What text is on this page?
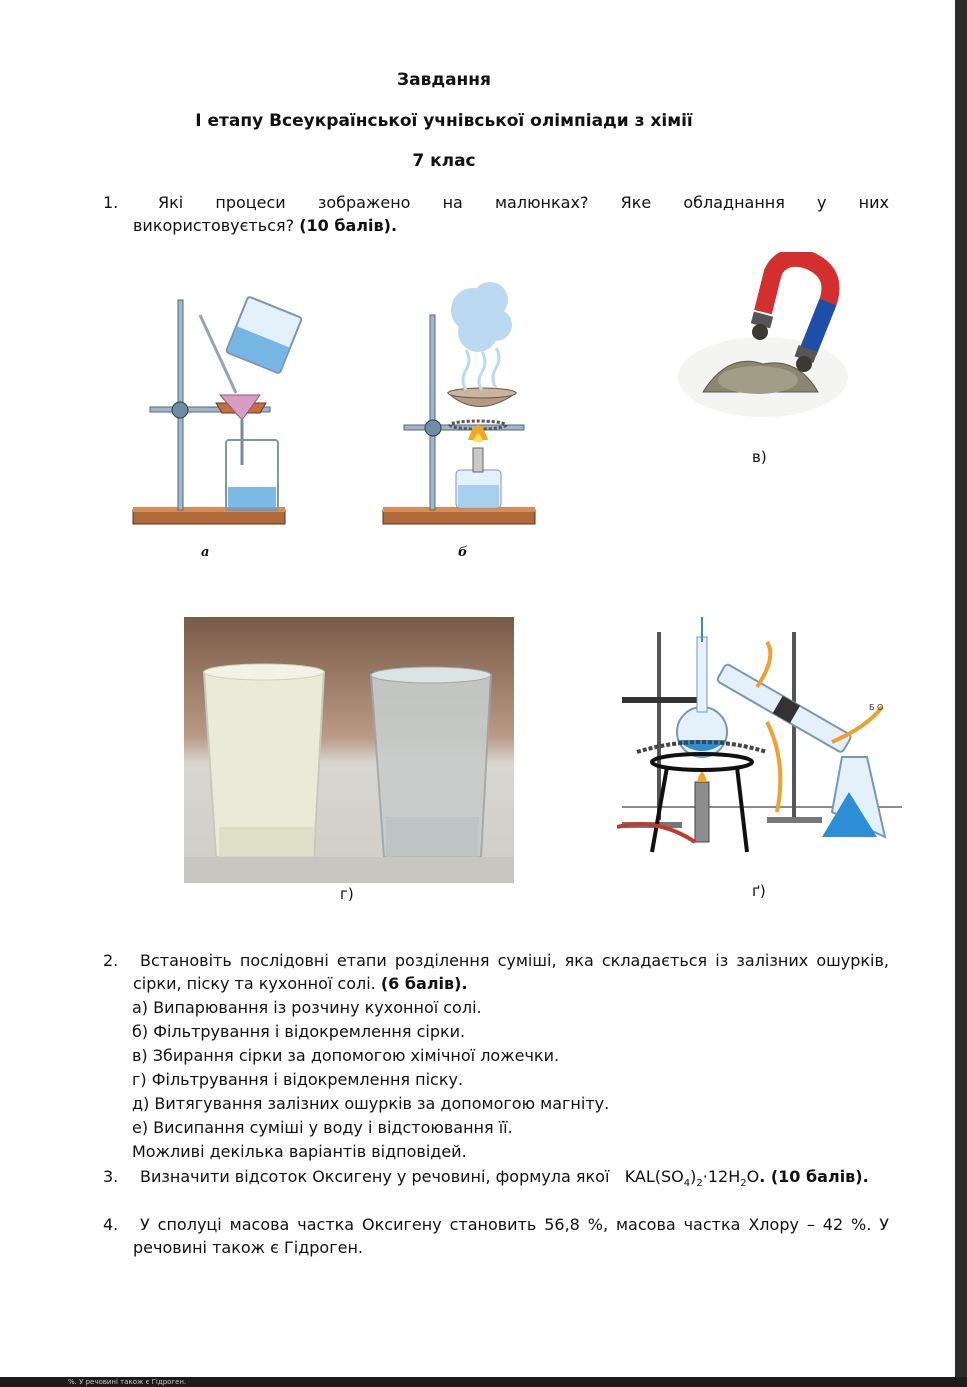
Завдання
І етапу Всеукраїнської учнівської олімпіади з хімії
7 клас
1. Які процеси зображено на малюнках? Яке обладнання у них
використовується? (10 балів).
а	б
в)
г)
Б О
ґ)
2.	Встановіть послідовні етапи розділення суміші, яка складається із залізних ошурків, сірки, піску та кухонної солі. (6 балів).
а) Випарювання із розчину кухонної солі.
б) Фільтрування і відокремлення сірки.
в) Збирання сірки за допомогою хімічної ложечки.
г) Фільтрування і відокремлення піску.
д) Витягування залізних ошурків за допомогою магніту.
е) Висипання суміші у воду і відстоювання її.
Можливі декілька варіантів відповідей.
3.	Визначити відсоток Оксигену у речовині, формула якої $KAL(SO_4)_2\cdot 12H_2O$. (10 балів).
4.	У сполуці масова частка Оксигену становить 56,8 %, масова частка Хлору – 42 %. У речовині також є Гідроген.
%. У речовині також є Гідроген.
